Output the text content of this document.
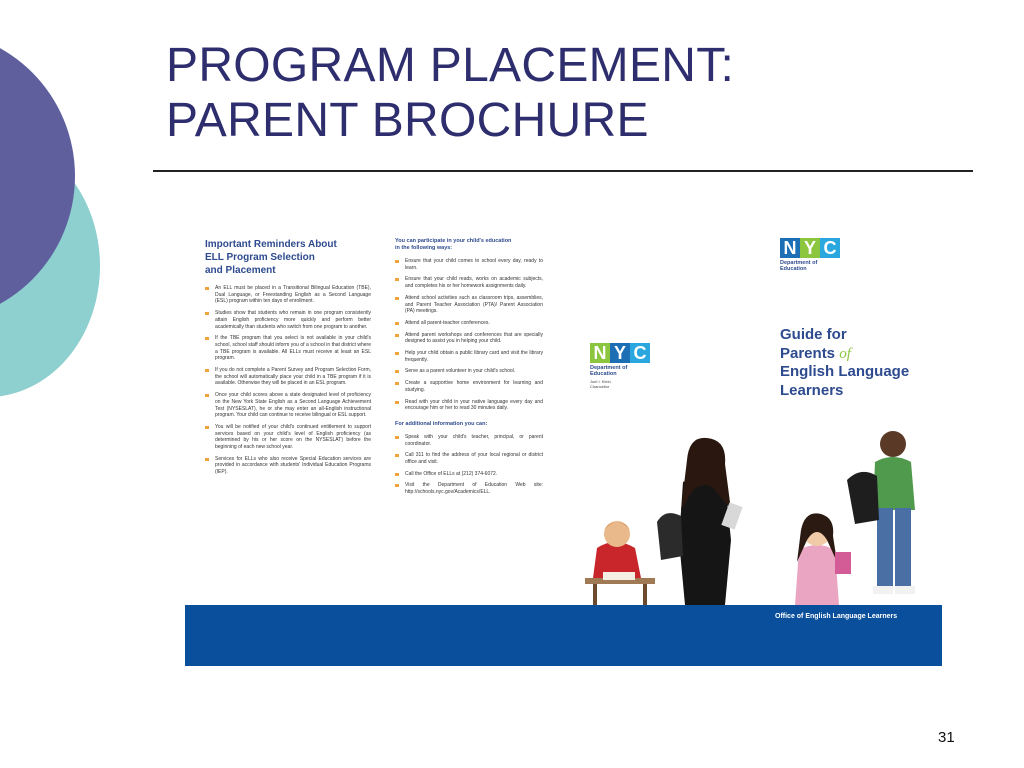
PROGRAM PLACEMENT:
PARENT BROCHURE
Important Reminders About
ELL Program Selection
and Placement
An ELL must be placed in a Transitional Bilingual Education (TBE), Dual Language, or Freestanding English as a Second Language (ESL) program within ten days of enrollment.
Studies show that students who remain in one program consistently attain English proficiency more quickly and perform better academically than students who switch from one program to another.
If the TBE program that you select is not available in your child's school, school staff should inform you of a school in that district where a TBE program is available. All ELLs must receive at least an ESL program.
If you do not complete a Parent Survey and Program Selection Form, the school will automatically place your child in a TBE program if it is available. Otherwise they will be placed in an ESL program.
Once your child scores above a state designated level of proficiency on the New York State English as a Second Language Achievement Test (NYSESLAT), he or she may enter an all-English instructional program. Your child can continue to receive bilingual or ESL support.
You will be notified of your child's continued entitlement to support services based on your child's level of English proficiency (as determined by his or her score on the NYSESLAT) before the beginning of each new school year.
Services for ELLs who also receive Special Education services are provided in accordance with students' Individual Education Programs (IEP).
You can participate in your child's education
in the following ways:
Ensure that your child comes to school every day, ready to learn.
Ensure that your child reads, works on academic subjects, and completes his or her homework assignments daily.
Attend school activities such as classroom trips, assemblies, and Parent Teacher Association (PTA)/ Parent Association (PA) meetings.
Attend all parent-teacher conferences.
Attend parent workshops and conferences that are specially designed to assist you in helping your child.
Help your child obtain a public library card and visit the library frequently.
Serve as a parent volunteer in your child's school.
Create a supportive home environment for learning and studying.
Read with your child in your native language every day and encourage him or her to read 30 minutes daily.
For additional information you can:
Speak with your child's teacher, principal, or parent coordinator.
Call 311 to find the address of your local regional or district office and visit.
Call the Office of ELLs at (212) 374-6072.
Visit the Department of Education Web site: http://schools.nyc.gov/Academics/ELL.
N Y C
Department of
Education
N Y C
Department of
Education
Joel I. Klein
Chancellor
Guide for
Parents of
English Language
Learners
Office of English Language Learners
31
